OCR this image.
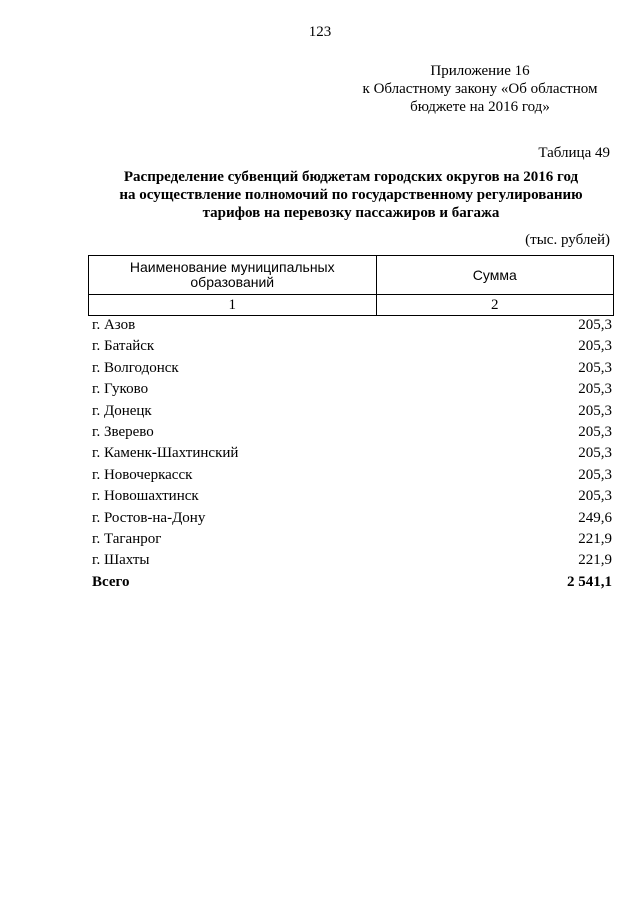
123
Приложение 16
к Областному закону «Об областном
бюджете на 2016 год»
Таблица 49
Распределение субвенций бюджетам городских округов на 2016 год
на осуществление полномочий по государственному регулированию
тарифов на перевозку пассажиров и багажа
(тыс. рублей)
Наименование муниципальных
образований	Сумма
1	2
г. Азов	205,3
г. Батайск	205,3
г. Волгодонск	205,3
г. Гуково	205,3
г. Донецк	205,3
г. Зверево	205,3
г. Каменк-Шахтинский	205,3
г. Новочеркасск	205,3
г. Новошахтинск	205,3
г. Ростов-на-Дону	249,6
г. Таганрог	221,9
г. Шахты	221,9
Всего	2 541,1
